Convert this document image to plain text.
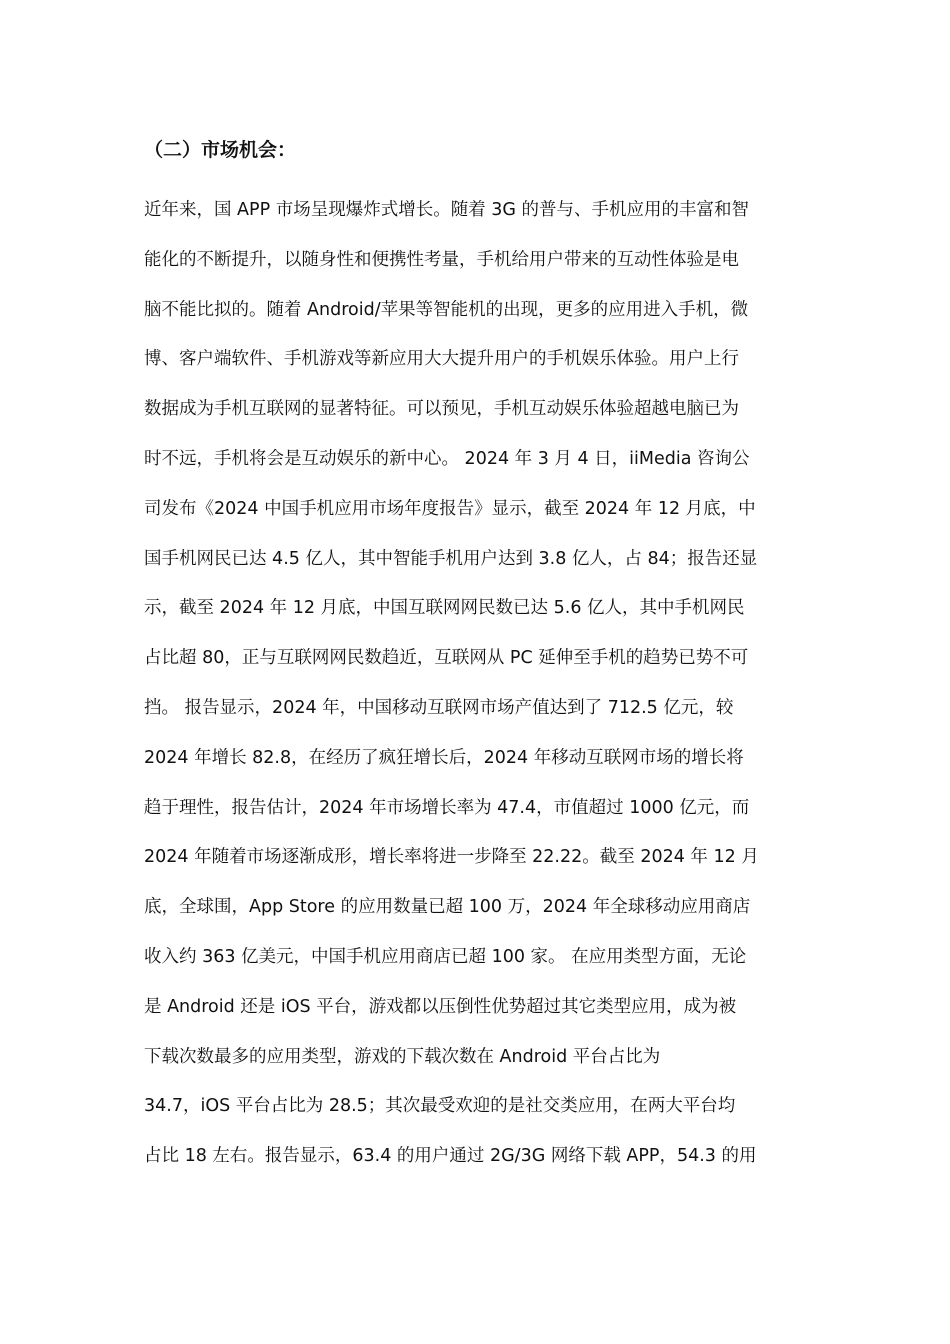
（二）市场机会：
近年来，国 APP 市场呈现爆炸式增长。随着 3G 的普与、手机应用的丰富和智
能化的不断提升，以随身性和便携性考量，手机给用户带来的互动性体验是电
脑不能比拟的。随着 Android/苹果等智能机的出现，更多的应用进入手机，微
博、客户端软件、手机游戏等新应用大大提升用户的手机娱乐体验。用户上行
数据成为手机互联网的显著特征。可以预见，手机互动娱乐体验超越电脑已为
时不远，手机将会是互动娱乐的新中心。 2024 年 3 月 4 日，iiMedia 咨询公
司发布《2024 中国手机应用市场年度报告》显示，截至 2024 年 12 月底，中
国手机网民已达 4.5 亿人，其中智能手机用户达到 3.8 亿人，占 84；报告还显
示，截至 2024 年 12 月底，中国互联网网民数已达 5.6 亿人，其中手机网民
占比超 80，正与互联网网民数趋近，互联网从 PC 延伸至手机的趋势已势不可
挡。 报告显示，2024 年，中国移动互联网市场产值达到了 712.5 亿元，较
2024 年增长 82.8，在经历了疯狂增长后，2024 年移动互联网市场的增长将
趋于理性，报告估计，2024 年市场增长率为 47.4，市值超过 1000 亿元，而
2024 年随着市场逐渐成形，增长率将进一步降至 22.22。截至 2024 年 12 月
底，全球围，App Store 的应用数量已超 100 万，2024 年全球移动应用商店
收入约 363 亿美元，中国手机应用商店已超 100 家。 在应用类型方面，无论
是 Android 还是 iOS 平台，游戏都以压倒性优势超过其它类型应用，成为被
下载次数最多的应用类型，游戏的下载次数在 Android 平台占比为
34.7，iOS 平台占比为 28.5；其次最受欢迎的是社交类应用，在两大平台均
占比 18 左右。报告显示，63.4 的用户通过 2G/3G 网络下载 APP，54.3 的用
